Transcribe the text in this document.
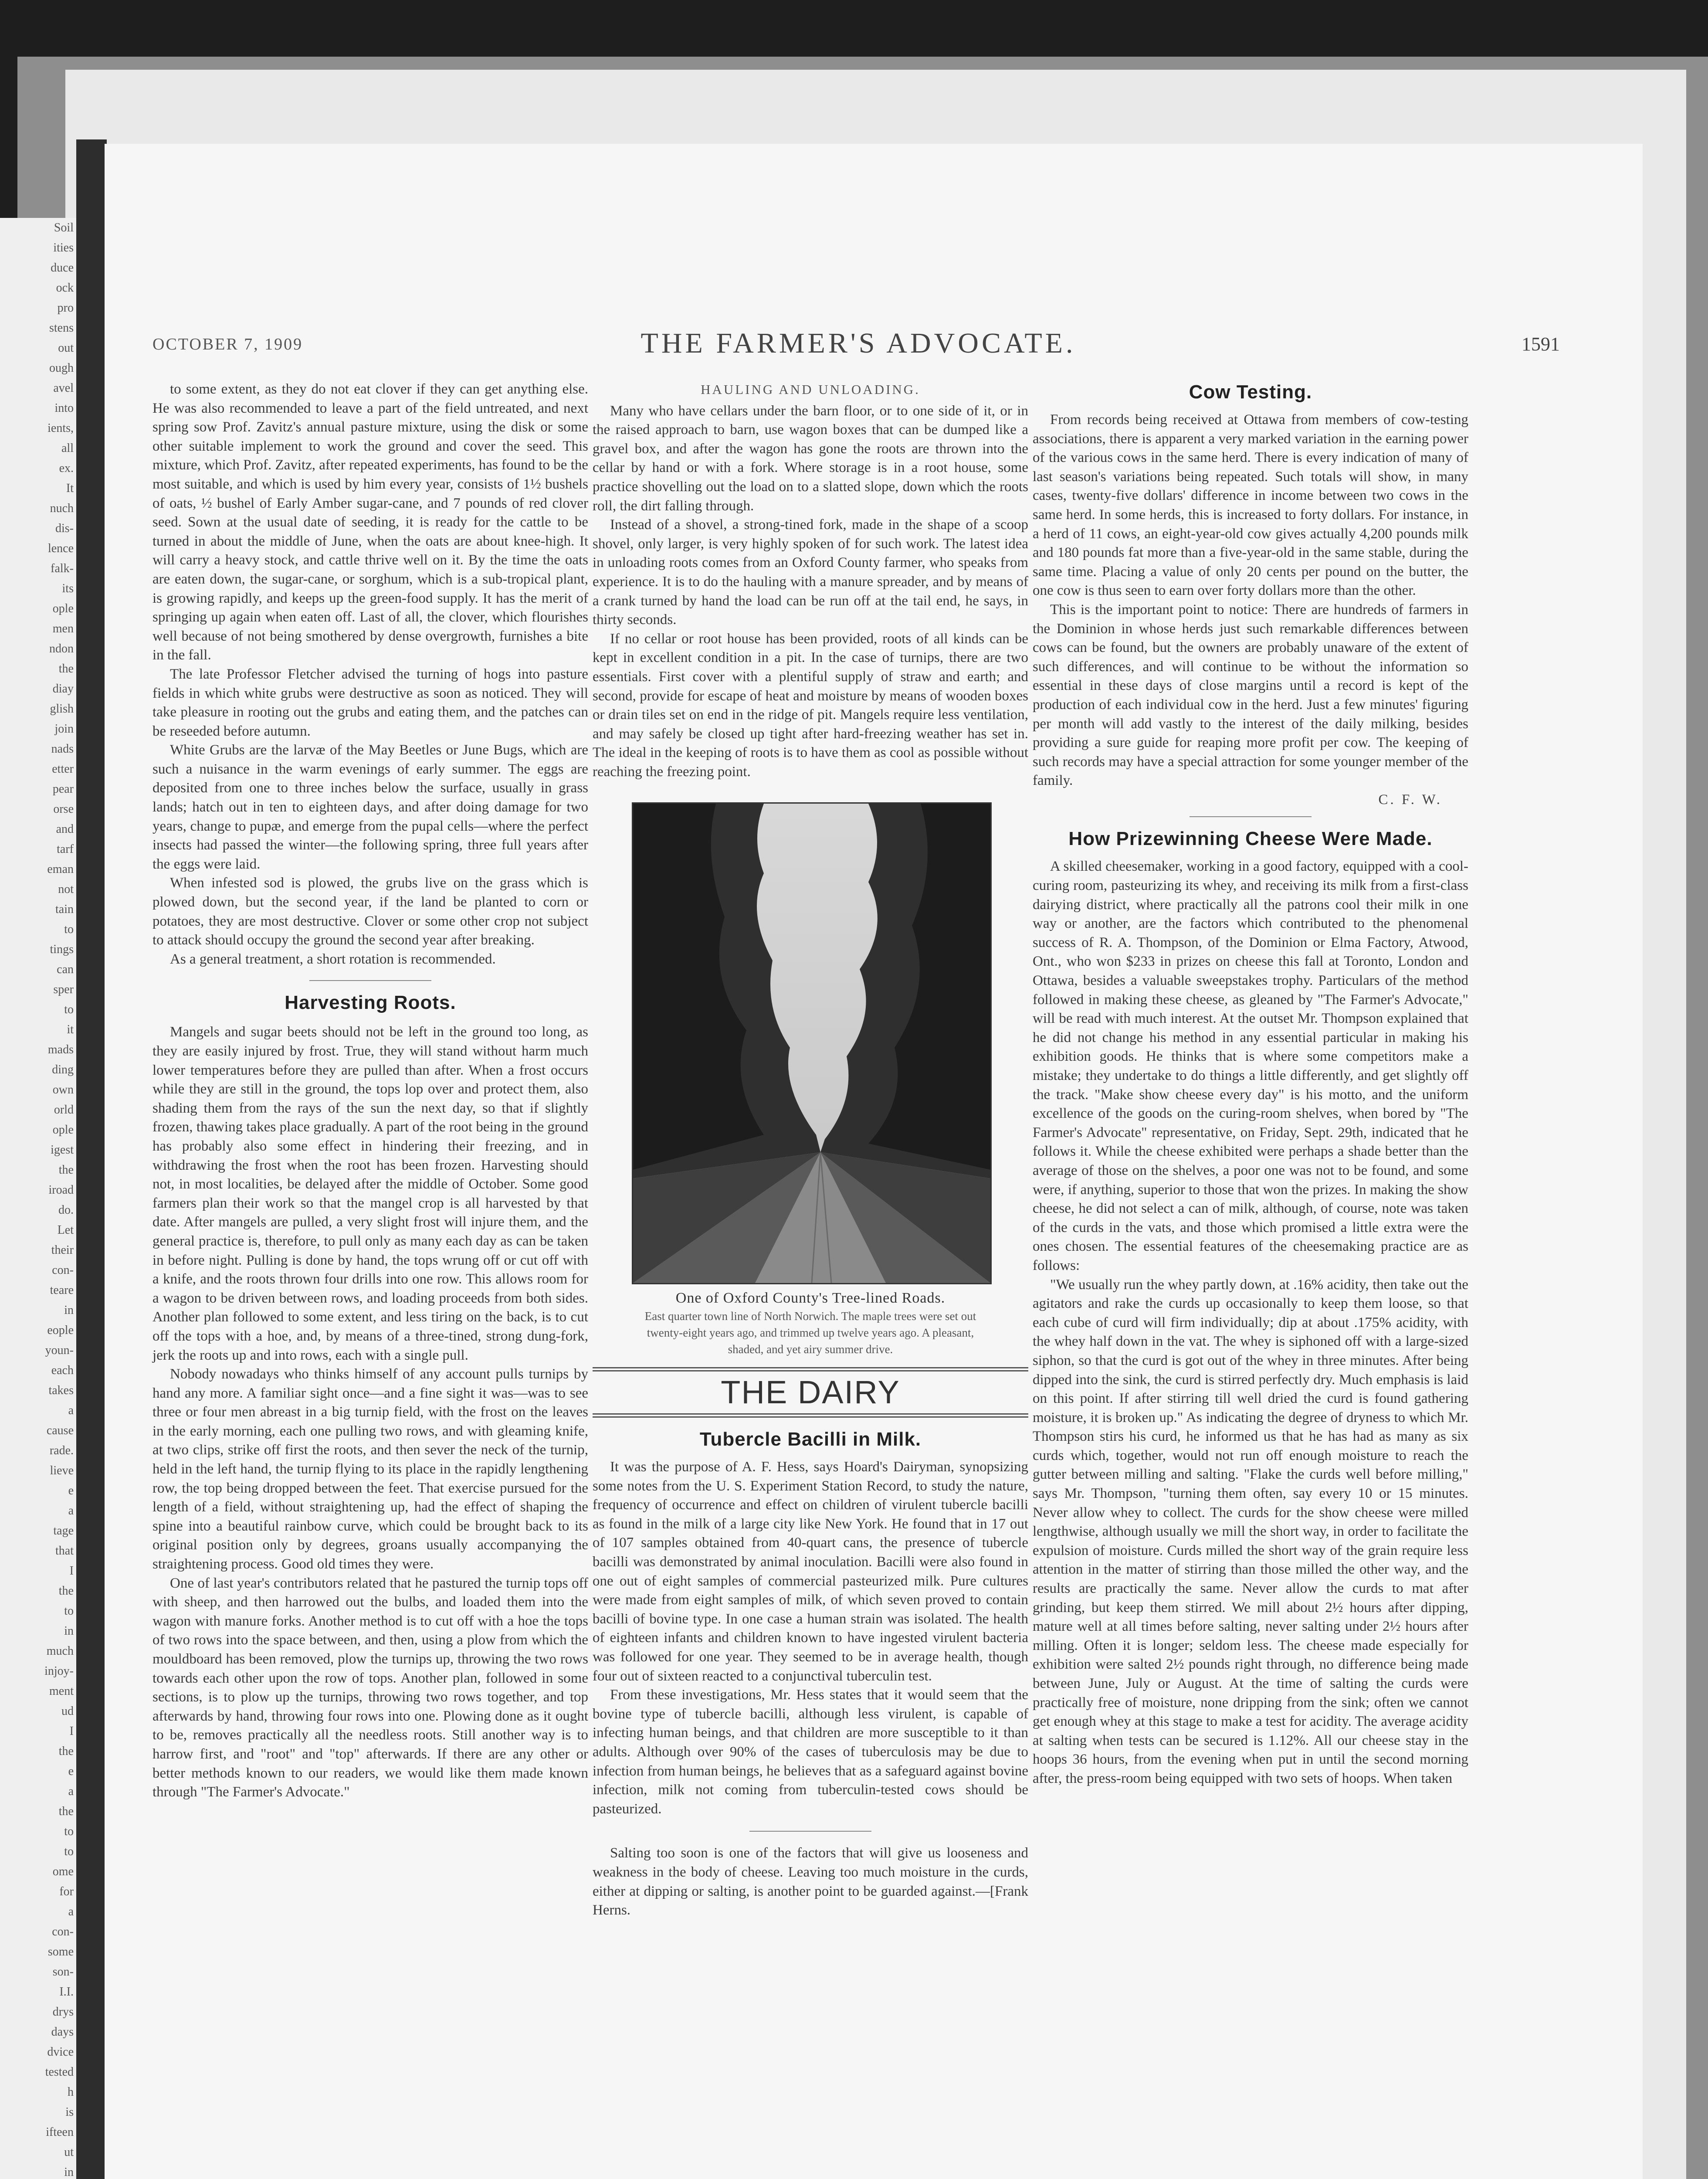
Soil
ities
duce
ock
pro
stens
out
ough
avel
into
ients,
all
ex.
It
nuch
dis-
lence
falk-
its
ople
men
ndon
the
diay
glish
join
nads
etter
pear
orse
and
tarf
eman
not
tain
to
tings
can
sper
to
it
mads
ding
own
orld
ople
igest
the
iroad
do.
Let
their
con-
teare
in
eople
youn-
each
takes
a
cause
rade.
lieve
e
a
tage
that
I
the
to
in
much
injoy-
ment
ud
I
the
e
a
the
to
to
ome
for
a
con-
some
son-
I.I.
drys
days
dvice
tested
h
is
ifteen
ut
in
OCTOBER 7, 1909	THE FARMER'S ADVOCATE.	1591

to some extent, as they do not eat clover if they can get anything else. He was also recommended to leave a part of the field untreated, and next spring sow Prof. Zavitz's annual pasture mixture, using the disk or some other suitable implement to work the ground and cover the seed. This mixture, which Prof. Zavitz, after repeated experiments, has found to be the most suitable, and which is used by him every year, consists of 1½ bushels of oats, ½ bushel of Early Amber sugar-cane, and 7 pounds of red clover seed. Sown at the usual date of seeding, it is ready for the cattle to be turned in about the middle of June, when the oats are about knee-high. It will carry a heavy stock, and cattle thrive well on it. By the time the oats are eaten down, the sugar-cane, or sorghum, which is a sub-tropical plant, is growing rapidly, and keeps up the green-food supply. It has the merit of springing up again when eaten off. Last of all, the clover, which flourishes well because of not being smothered by dense overgrowth, furnishes a bite in the fall.

The late Professor Fletcher advised the turning of hogs into pasture fields in which white grubs were destructive as soon as noticed. They will take pleasure in rooting out the grubs and eating them, and the patches can be reseeded before autumn.

White Grubs are the larvæ of the May Beetles or June Bugs, which are such a nuisance in the warm evenings of early summer. The eggs are deposited from one to three inches below the surface, usually in grass lands; hatch out in ten to eighteen days, and after doing damage for two years, change to pupæ, and emerge from the pupal cells—where the perfect insects had passed the winter—the following spring, three full years after the eggs were laid.

When infested sod is plowed, the grubs live on the grass which is plowed down, but the second year, if the land be planted to corn or potatoes, they are most destructive. Clover or some other crop not subject to attack should occupy the ground the second year after breaking.

As a general treatment, a short rotation is recommended.

Harvesting Roots.

Mangels and sugar beets should not be left in the ground too long, as they are easily injured by frost. True, they will stand without harm much lower temperatures before they are pulled than after. When a frost occurs while they are still in the ground, the tops lop over and protect them, also shading them from the rays of the sun the next day, so that if slightly frozen, thawing takes place gradually. A part of the root being in the ground has probably also some effect in hindering their freezing, and in withdrawing the frost when the root has been frozen. Harvesting should not, in most localities, be delayed after the middle of October. Some good farmers plan their work so that the mangel crop is all harvested by that date. After mangels are pulled, a very slight frost will injure them, and the general practice is, therefore, to pull only as many each day as can be taken in before night. Pulling is done by hand, the tops wrung off or cut off with a knife, and the roots thrown four drills into one row. This allows room for a wagon to be driven between rows, and loading proceeds from both sides. Another plan followed to some extent, and less tiring on the back, is to cut off the tops with a hoe, and, by means of a three-tined, strong dung-fork, jerk the roots up and into rows, each with a single pull.

Nobody nowadays who thinks himself of any account pulls turnips by hand any more. A familiar sight once—and a fine sight it was—was to see three or four men abreast in a big turnip field, with the frost on the leaves in the early morning, each one pulling two rows, and with gleaming knife, at two clips, strike off first the roots, and then sever the neck of the turnip, held in the left hand, the turnip flying to its place in the rapidly lengthening row, the top being dropped between the feet. That exercise pursued for the length of a field, without straightening up, had the effect of shaping the spine into a beautiful rainbow curve, which could be brought back to its original position only by degrees, groans usually accompanying the straightening process. Good old times they were.

One of last year's contributors related that he pastured the turnip tops off with sheep, and then harrowed out the bulbs, and loaded them into the wagon with manure forks. Another method is to cut off with a hoe the tops of two rows into the space between, and then, using a plow from which the mouldboard has been removed, plow the turnips up, throwing the two rows towards each other upon the row of tops. Another plan, followed in some sections, is to plow up the turnips, throwing two rows together, and top afterwards by hand, throwing four rows into one. Plowing done as it ought to be, removes practically all the needless roots. Still another way is to harrow first, and "root" and "top" afterwards. If there are any other or better methods known to our readers, we would like them made known through "The Farmer's Advocate."

HAULING AND UNLOADING.

Many who have cellars under the barn floor, or to one side of it, or in the raised approach to barn, use wagon boxes that can be dumped like a gravel box, and after the wagon has gone the roots are thrown into the cellar by hand or with a fork. Where storage is in a root house, some practice shovelling out the load on to a slatted slope, down which the roots roll, the dirt falling through.

Instead of a shovel, a strong-tined fork, made in the shape of a scoop shovel, only larger, is very highly spoken of for such work. The latest idea in unloading roots comes from an Oxford County farmer, who speaks from experience. It is to do the hauling with a manure spreader, and by means of a crank turned by hand the load can be run off at the tail end, he says, in thirty seconds.

If no cellar or root house has been provided, roots of all kinds can be kept in excellent condition in a pit. In the case of turnips, there are two essentials. First cover with a plentiful supply of straw and earth; and second, provide for escape of heat and moisture by means of wooden boxes or drain tiles set on end in the ridge of pit. Mangels require less ventilation, and may safely be closed up tight after hard-freezing weather has set in. The ideal in the keeping of roots is to have them as cool as possible without reaching the freezing point.

One of Oxford County's Tree-lined Roads.
East quarter town line of North Norwich. The maple trees were set out twenty-eight years ago, and trimmed up twelve years ago. A pleasant, shaded, and yet airy summer drive.
THE DAIRY
Tubercle Bacilli in Milk.

It was the purpose of A. F. Hess, says Hoard's Dairyman, synopsizing some notes from the U. S. Experiment Station Record, to study the nature, frequency of occurrence and effect on children of virulent tubercle bacilli as found in the milk of a large city like New York. He found that in 17 out of 107 samples obtained from 40-quart cans, the presence of tubercle bacilli was demonstrated by animal inoculation. Bacilli were also found in one out of eight samples of commercial pasteurized milk. Pure cultures were made from eight samples of milk, of which seven proved to contain bacilli of bovine type. In one case a human strain was isolated. The health of eighteen infants and children known to have ingested virulent bacteria was followed for one year. They seemed to be in average health, though four out of sixteen reacted to a conjunctival tuberculin test.

From these investigations, Mr. Hess states that it would seem that the bovine type of tubercle bacilli, although less virulent, is capable of infecting human beings, and that children are more susceptible to it than adults. Although over 90% of the cases of tuberculosis may be due to infection from human beings, he believes that as a safeguard against bovine infection, milk not coming from tuberculin-tested cows should be pasteurized.

Salting too soon is one of the factors that will give us looseness and weakness in the body of cheese. Leaving too much moisture in the curds, either at dipping or salting, is another point to be guarded against.—[Frank Herns.

Cow Testing.

From records being received at Ottawa from members of cow-testing associations, there is apparent a very marked variation in the earning power of the various cows in the same herd. There is every indication of many of last season's variations being repeated. Such totals will show, in many cases, twenty-five dollars' difference in income between two cows in the same herd. In some herds, this is increased to forty dollars. For instance, in a herd of 11 cows, an eight-year-old cow gives actually 4,200 pounds milk and 180 pounds fat more than a five-year-old in the same stable, during the same time. Placing a value of only 20 cents per pound on the butter, the one cow is thus seen to earn over forty dollars more than the other.

This is the important point to notice: There are hundreds of farmers in the Dominion in whose herds just such remarkable differences between cows can be found, but the owners are probably unaware of the extent of such differences, and will continue to be without the information so essential in these days of close margins until a record is kept of the production of each individual cow in the herd. Just a few minutes' figuring per month will add vastly to the interest of the daily milking, besides providing a sure guide for reaping more profit per cow. The keeping of such records may have a special attraction for some younger member of the family.

C. F. W.
How Prizewinning Cheese Were Made.

A skilled cheesemaker, working in a good factory, equipped with a cool-curing room, pasteurizing its whey, and receiving its milk from a first-class dairying district, where practically all the patrons cool their milk in one way or another, are the factors which contributed to the phenomenal success of R. A. Thompson, of the Dominion or Elma Factory, Atwood, Ont., who won $233 in prizes on cheese this fall at Toronto, London and Ottawa, besides a valuable sweepstakes trophy. Particulars of the method followed in making these cheese, as gleaned by "The Farmer's Advocate," will be read with much interest. At the outset Mr. Thompson explained that he did not change his method in any essential particular in making his exhibition goods. He thinks that is where some competitors make a mistake; they undertake to do things a little differently, and get slightly off the track. "Make show cheese every day" is his motto, and the uniform excellence of the goods on the curing-room shelves, when bored by "The Farmer's Advocate" representative, on Friday, Sept. 29th, indicated that he follows it. While the cheese exhibited were perhaps a shade better than the average of those on the shelves, a poor one was not to be found, and some were, if anything, superior to those that won the prizes. In making the show cheese, he did not select a can of milk, although, of course, note was taken of the curds in the vats, and those which promised a little extra were the ones chosen. The essential features of the cheesemaking practice are as follows:

"We usually run the whey partly down, at .16% acidity, then take out the agitators and rake the curds up occasionally to keep them loose, so that each cube of curd will firm individually; dip at about .175% acidity, with the whey half down in the vat. The whey is siphoned off with a large-sized siphon, so that the curd is got out of the whey in three minutes. After being dipped into the sink, the curd is stirred perfectly dry. Much emphasis is laid on this point. If after stirring till well dried the curd is found gathering moisture, it is broken up." As indicating the degree of dryness to which Mr. Thompson stirs his curd, he informed us that he has had as many as six curds which, together, would not run off enough moisture to reach the gutter between milling and salting. "Flake the curds well before milling," says Mr. Thompson, "turning them often, say every 10 or 15 minutes. Never allow whey to collect. The curds for the show cheese were milled lengthwise, although usually we mill the short way, in order to facilitate the expulsion of moisture. Curds milled the short way of the grain require less attention in the matter of stirring than those milled the other way, and the results are practically the same. Never allow the curds to mat after grinding, but keep them stirred. We mill about 2½ hours after dipping, mature well at all times before salting, never salting under 2½ hours after milling. Often it is longer; seldom less. The cheese made especially for exhibition were salted 2½ pounds right through, no difference being made between June, July or August. At the time of salting the curds were practically free of moisture, none dripping from the sink; often we cannot get enough whey at this stage to make a test for acidity. The average acidity at salting when tests can be secured is 1.12%. All our cheese stay in the hoops 36 hours, from the evening when put in until the second morning after, the press-room being equipped with two sets of hoops. When taken
